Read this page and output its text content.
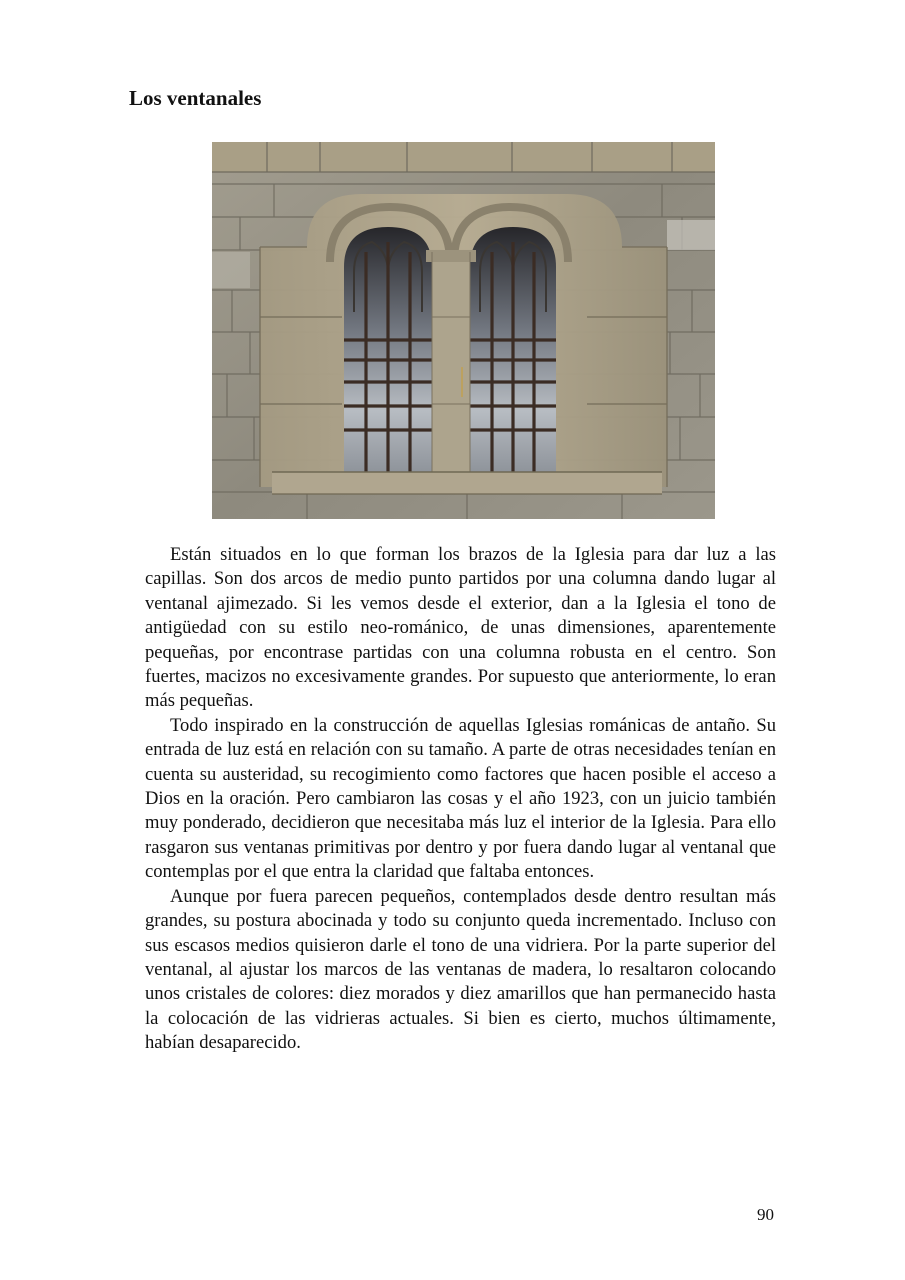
Los ventanales

Están situados en lo que forman los brazos de la Iglesia para dar luz a las capillas. Son dos arcos de medio punto partidos por una columna dando lugar al ventanal ajimezado. Si les vemos desde el exterior, dan a la Iglesia el tono de antigüedad con su estilo neo-románico, de unas dimensiones, aparentemente pequeñas, por encontrase partidas con una columna robusta en el centro. Son fuertes, macizos no excesivamente grandes. Por supuesto que anteriormente, lo eran más pequeñas.

Todo inspirado en la construcción de aquellas Iglesias románicas de antaño. Su entrada de luz está en relación con su tamaño. A parte de otras necesidades tenían en cuenta su austeridad, su recogimiento como factores que hacen posible el acceso a Dios en la oración. Pero cambiaron las cosas y el año 1923, con un juicio también muy ponderado, decidieron que necesitaba más luz el interior de la Iglesia. Para ello rasgaron sus ventanas primitivas por dentro y por fuera dando lugar al ventanal que contemplas por el que entra la claridad que faltaba entonces.

Aunque por fuera parecen pequeños, contemplados desde dentro resultan más grandes, su postura abocinada y todo su conjunto queda incrementado. Incluso con sus escasos medios quisieron darle el tono de una vidriera. Por la parte superior del ventanal, al ajustar los marcos de las ventanas de madera, lo resaltaron colocando unos cristales de colores: diez morados y diez amarillos que han permanecido hasta la colocación de las vidrieras actuales. Si bien es cierto, muchos últimamente, habían desaparecido.

90
